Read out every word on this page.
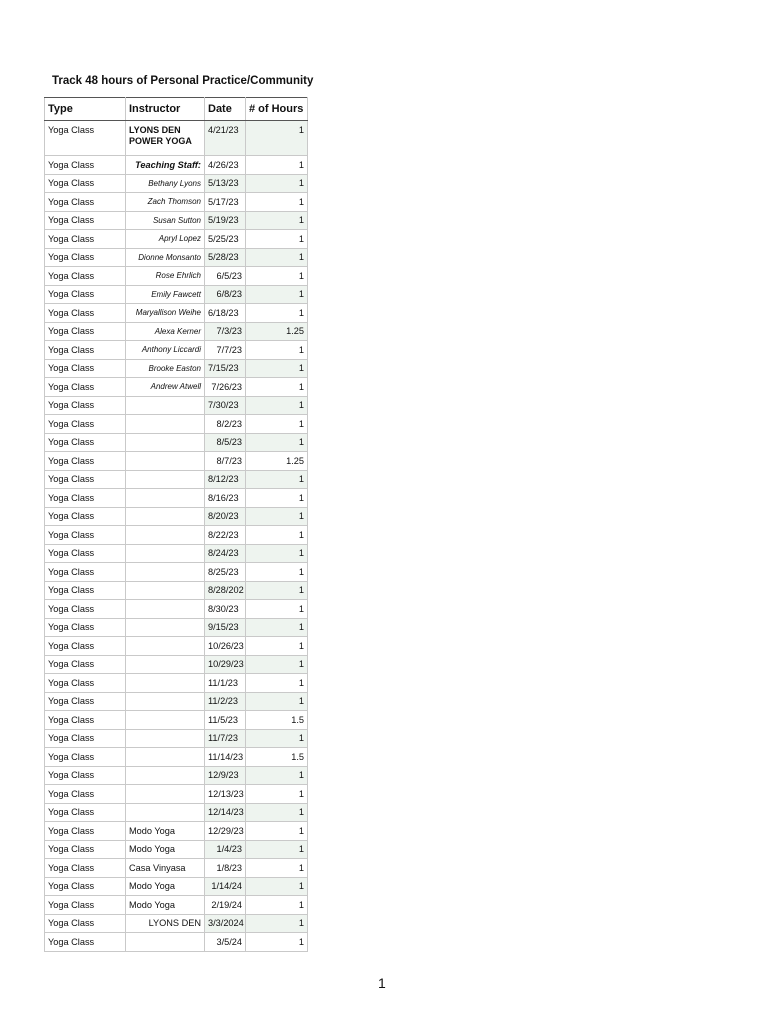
Track 48 hours of Personal Practice/Community
Type	Instructor	Date	# of Hours
Yoga Class	LYONS DEN POWER YOGA	4/21/23	1
Yoga Class	Teaching Staff:	4/26/23	1
Yoga Class	Bethany Lyons	5/13/23	1
Yoga Class	Zach Thomson	5/17/23	1
Yoga Class	Susan Sutton	5/19/23	1
Yoga Class	Apryl Lopez	5/25/23	1
Yoga Class	Dionne Monsanto	5/28/23	1
Yoga Class	Rose Ehrlich	6/5/23	1
Yoga Class	Emily Fawcett	6/8/23	1
Yoga Class	Maryallison Weihe	6/18/23	1
Yoga Class	Alexa Kerner	7/3/23	1.25
Yoga Class	Anthony Liccardi	7/7/23	1
Yoga Class	Brooke Easton	7/15/23	1
Yoga Class	Andrew Atwell	7/26/23	1
Yoga Class		7/30/23	1
Yoga Class		8/2/23	1
Yoga Class		8/5/23	1
Yoga Class		8/7/23	1.25
Yoga Class		8/12/23	1
Yoga Class		8/16/23	1
Yoga Class		8/20/23	1
Yoga Class		8/22/23	1
Yoga Class		8/24/23	1
Yoga Class		8/25/23	1
Yoga Class		8/28/202	1
Yoga Class		8/30/23	1
Yoga Class		9/15/23	1
Yoga Class		10/26/23	1
Yoga Class		10/29/23	1
Yoga Class		11/1/23	1
Yoga Class		11/2/23	1
Yoga Class		11/5/23	1.5
Yoga Class		11/7/23	1
Yoga Class		11/14/23	1.5
Yoga Class		12/9/23	1
Yoga Class		12/13/23	1
Yoga Class		12/14/23	1
Yoga Class	Modo Yoga	12/29/23	1
Yoga Class	Modo Yoga	1/4/23	1
Yoga Class	Casa Vinyasa	1/8/23	1
Yoga Class	Modo Yoga	1/14/24	1
Yoga Class	Modo Yoga	2/19/24	1
Yoga Class	LYONS DEN	3/3/2024	1
Yoga Class		3/5/24	1
1
